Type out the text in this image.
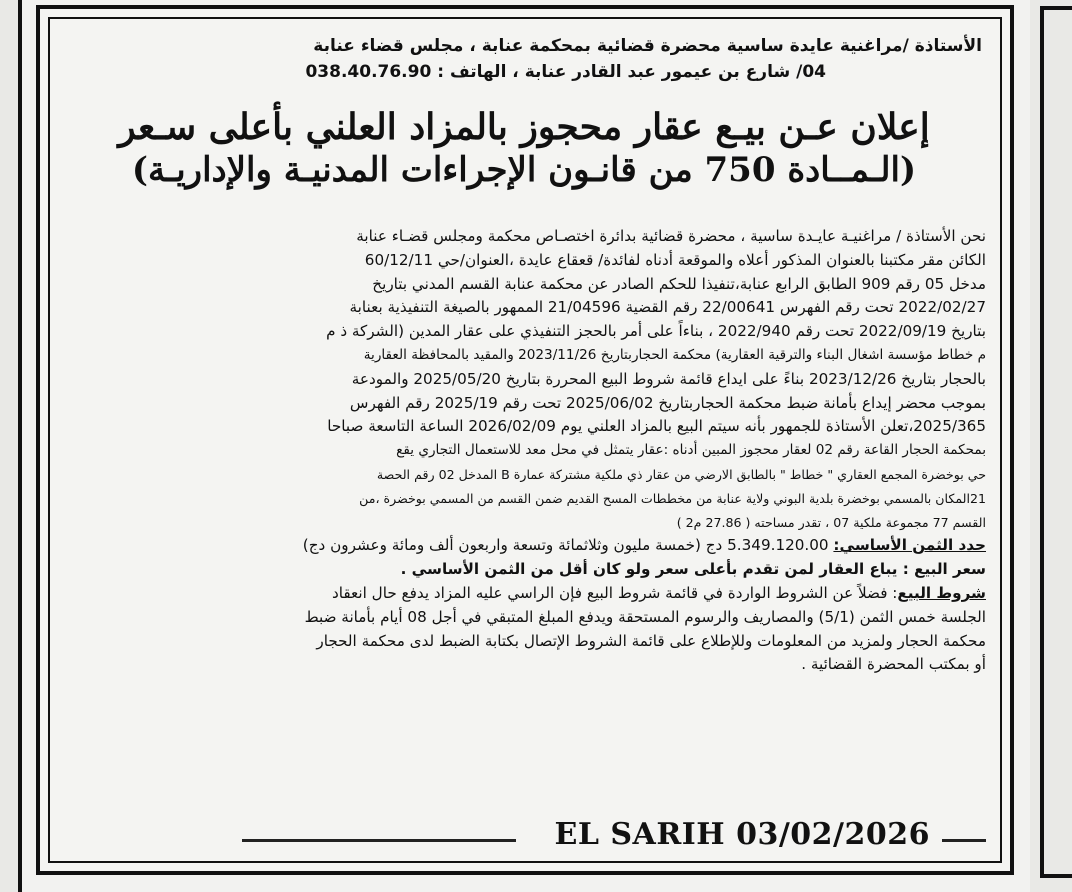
الأستاذة /مراغنية عايدة ساسية محضرة قضائية بمحكمة عنابة ، مجلس قضاء عنابة
04/ شارع بن عيمور عبد القادر عنابة ، الهاتف : 038.40.76.90
إعلان عـن بيـع عقار محجوز بالمزاد العلني بأعلى سـعر
(الـمــادة 750 من قانـون الإجراءات المدنيـة والإداريـة)
نحن الأستاذة / مراغنيـة عايـدة ساسية ، محضرة قضائية بدائرة اختصـاص محكمة ومجلس قضـاء عنابة
الكائن مقر مكتبنا بالعنوان المذكور أعلاه والموقعة أدناه لفائدة/ قعقاع عايدة ،العنوان/حي 60/12/11
مدخل 05 رقم 909 الطابق الرابع عنابة،تنفيذا للحكم الصادر عن محكمة عنابة القسم المدني بتاريخ
2022/02/27 تحت رقم الفهرس 22/00641 رقم القضية 21/04596 الممهور بالصيغة التنفيذية بعنابة
بتاريخ 2022/09/19 تحت رقم 2022/940 ، بناءاً على أمر بالحجز التنفيذي على عقار المدين (الشركة ذ م
م خطاط مؤسسة اشغال البناء والترقية العقارية) محكمة الحجاربتاريخ 2023/11/26 والمقيد بالمحافظة العقارية
بالحجار بتاريخ 2023/12/26 بناءً على ايداع قائمة شروط البيع المحررة بتاريخ 2025/05/20 والمودعة
بموجب محضر إيداع بأمانة ضبط محكمة الحجاربتاريخ 2025/06/02 تحت رقم 2025/19 رقم الفهرس
2025/365،تعلن الأستاذة للجمهور بأنه سيتم البيع بالمزاد العلني يوم 2026/02/09 الساعة التاسعة صباحا
بمحكمة الحجار القاعة رقم 02 لعقار محجوز المبين أدناه :عقار يتمثل في محل معد للاستعمال التجاري يقع
حي بوخضرة المجمع العقاري " خطاط " بالطابق الارضي من عقار ذي ملكية مشتركة عمارة B المدخل 02 رقم الحصة
21المكان بالمسمي بوخضرة بلدية البوني ولاية عنابة من مخططات المسح القديم ضمن القسم من المسمي بوخضرة ،من
القسم 77 مجموعة ملكية 07 ، تقدر مساحته ( 27.86 م2 )
حدد الثمن الأساسي: 5.349.120.00 دج (خمسة مليون وثلاثمائة وتسعة واربعون ألف ومائة وعشرون دج)
سعر البيع : يباع العقار لمن تقدم بأعلى سعر ولو كان أقل من الثمن الأساسي .
شروط البيع: فضلاً عن الشروط الواردة في قائمة شروط البيع فإن الراسي عليه المزاد يدفع حال انعقاد
الجلسة خمس الثمن (5/1) والمصاريف والرسوم المستحقة ويدفع المبلغ المتبقي في أجل 08 أيام بأمانة ضبط
محكمة الحجار ولمزيد من المعلومات وللإطلاع على قائمة الشروط الإتصال بكتابة الضبط لدى محكمة الحجار
أو بمكتب المحضرة القضائية .
EL SARIH 03/02/2026
